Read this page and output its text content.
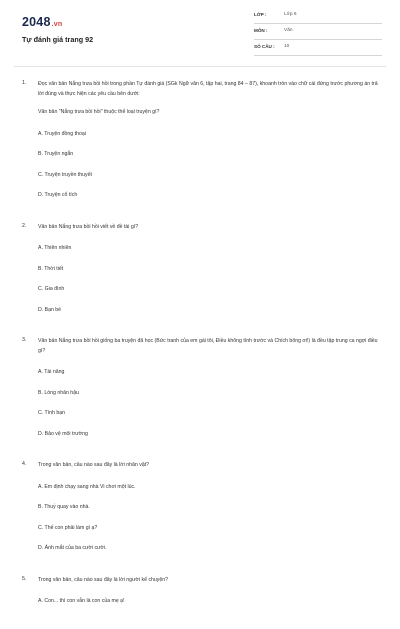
2048.vn
Tự đánh giá trang 92
LỚP :	Lớp 6
MÔN :	Văn
SỐ CÂU : 10
1. Đọc văn bản Nắng trưa bồi hồi trong phần Tự đánh giá (SGk Ngữ văn 6, tập hai, trang 84 – 87), khoanh tròn vào chữ cái đứng trước phương án trả lời đúng và thực hiện các yêu cầu bên dưới:
Văn bản "Nắng trưa bồi hồi" thuộc thể loại truyện gì?
A. Truyện đồng thoại
B. Truyện ngắn
C. Truyện truyền thuyết
D. Truyện cổ tích
2. Văn bản Nắng trưa bồi hồi viết về đề tài gì?
A. Thiên nhiên
B. Thời tiết
C. Gia đình
D. Bạn bè
3. Văn bản Nắng trưa bồi hồi giống ba truyện đã học (Bức tranh của em gái tôi, Điều không tính trước và Chích bông ơi!) là đều tập trung ca ngợi điều gì?
A. Tài năng
B. Lòng nhân hậu
C. Tình bạn
D. Bảo vệ môi trường
4. Trong văn bản, câu nào sau đây là lời nhân vật?
A. Em định chạy sang nhà Vi chơi một lúc.
B. Thuỷ quay vào nhà.
C. Thế con phải làm gì ạ?
D. Ánh mắt của ba cười cười.
5. Trong văn bản, câu nào sau đây là lời người kể chuyện?
A. Con... thì con vẫn là con của mẹ ạ!
